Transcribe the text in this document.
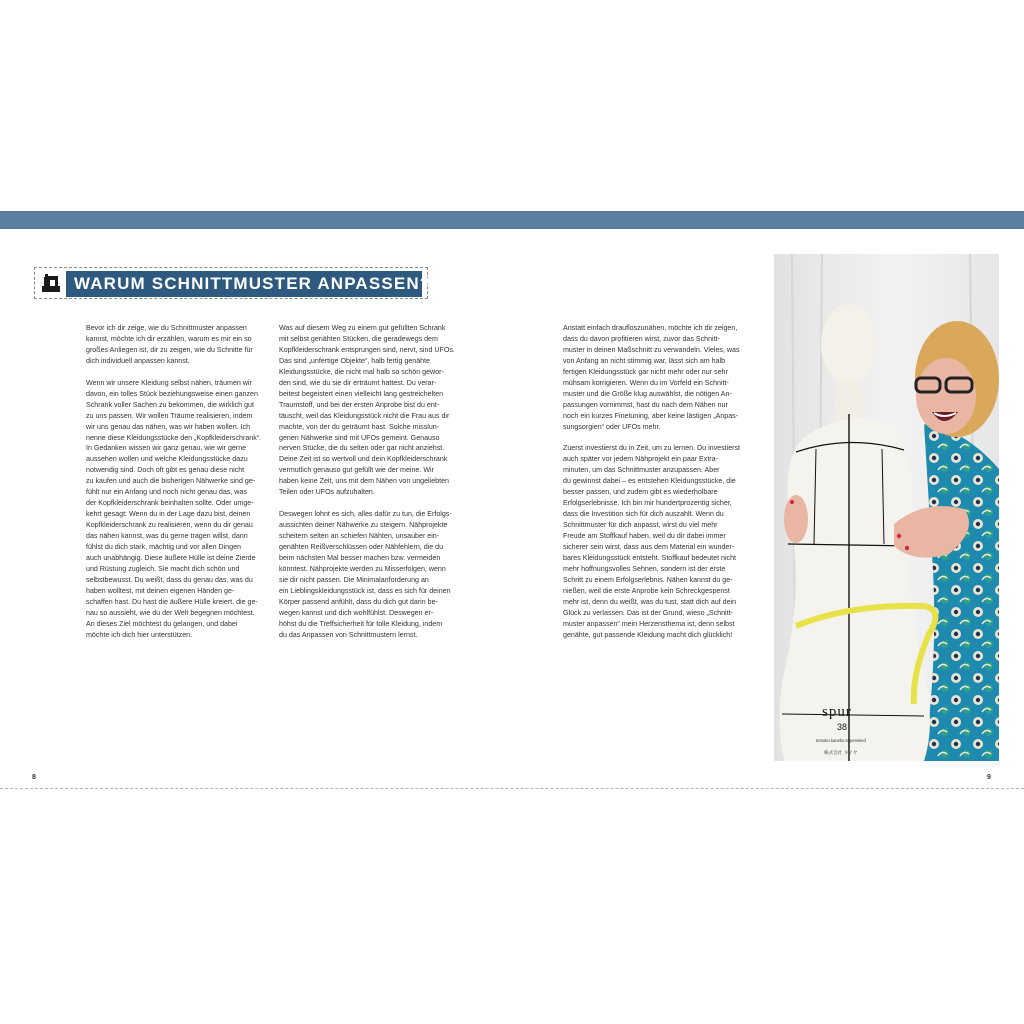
WARUM SCHNITTMUSTER ANPASSEN?

Bevor ich dir zeige, wie du Schnittmuster anpassen
kannst, möchte ich dir erzählen, warum es mir ein so
großes Anliegen ist, dir zu zeigen, wie du Schnitte für
dich individuell anpassen kannst.

Wenn wir unsere Kleidung selbst nähen, träumen wir
davon, ein tolles Stück beziehungsweise einen ganzen
Schrank voller Sachen zu bekommen, die wirklich gut
zu uns passen. Wir wollen Träume realisieren, indem
wir uns genau das nähen, was wir haben wollen. Ich
nenne diese Kleidungsstücke den „Kopfkleiderschrank“.
In Gedanken wissen wir ganz genau, wie wir gerne
aussehen wollen und welche Kleidungsstücke dazu
notwendig sind. Doch oft gibt es genau diese nicht
zu kaufen und auch die bisherigen Nähwerke sind ge-
fühlt nur ein Anfang und noch nicht genau das, was
der Kopfkleiderschrank beinhalten sollte. Oder umge-
kehrt gesagt: Wenn du in der Lage dazu bist, deinen
Kopfkleiderschrank zu realisieren, wenn du dir genau
das nähen kannst, was du gerne tragen willst, dann
fühlst du dich stark, mächtig und vor allen Dingen
auch unabhängig. Diese äußere Hülle ist deine Zierde
und Rüstung zugleich. Sie macht dich schön und
selbstbewusst. Du weißt, dass du genau das, was du
haben wolltest, mit deinen eigenen Händen ge-
schaffen hast. Du hast die äußere Hülle kreiert, die ge-
nau so aussieht, wie du der Welt begegnen möchtest.
An dieses Ziel möchtest du gelangen, und dabei
möchte ich dich hier unterstützen.

Was auf diesem Weg zu einem gut gefüllten Schrank
mit selbst genähten Stücken, die geradewegs dem
Kopfkleiderschrank entsprungen sind, nervt, sind UFOs.
Das sind „unfertige Objekte“, halb fertig genähte
Kleidungsstücke, die nicht mal halb so schön gewor-
den sind, wie du sie dir erträumt hattest. Du verar-
beitest begeistert einen vielleicht lang gestreichelten
Traumstoff, und bei der ersten Anprobe bist du ent-
täuscht, weil das Kleidungsstück nicht die Frau aus dir
machte, von der du geträumt hast. Solche misslun-
genen Nähwerke sind mit UFOs gemeint. Genauso
nerven Stücke, die du selten oder gar nicht anziehst.
Deine Zeit ist so wertvoll und dein Kopfkleiderschrank
vermutlich genauso gut gefüllt wie der meine. Wir
haben keine Zeit, uns mit dem Nähen von ungeliebten
Teilen oder UFOs aufzuhalten.

Deswegen lohnt es sich, alles dafür zu tun, die Erfolgs-
aussichten deiner Nähwerke zu steigern. Nähprojekte
scheitern selten an schiefen Nähten, unsauber ein-
genähten Reißverschlüssen oder Nähfehlern, die du
beim nächsten Mal besser machen bzw. vermeiden
könntest. Nähprojekte werden zu Misserfolgen, wenn
sie dir nicht passen. Die Minimalanforderung an
ein Lieblingskleidungsstück ist, dass es sich für deinen
Körper passend anfühlt, dass du dich gut darin be-
wegen kannst und dich wohlfühlst. Deswegen er-
höhst du die Treffsicherheit für tolle Kleidung, indem
du das Anpassen von Schnittmustern lernst.

Anstatt einfach draufloszunähen, möchte ich dir zeigen,
dass du davon profitieren wirst, zuvor das Schnitt-
muster in deinen Maßschnitt zu verwandeln. Vieles, was
von Anfang an nicht stimmig war, lässt sich am halb
fertigen Kleidungsstück gar nicht mehr oder nur sehr
mühsam korrigieren. Wenn du im Vorfeld ein Schnitt-
muster und die Größe klug auswählst, die nötigen An-
passungen vornimmst, hast du nach dem Nähen nur
noch ein kurzes Finetuning, aber keine lästigen „Anpas-
sungsorgien“ oder UFOs mehr.

Zuerst investierst du in Zeit, um zu lernen. Du investierst
auch später vor jedem Nähprojekt ein paar Extra-
minuten, um das Schnittmuster anzupassen. Aber
du gewinnst dabei – es entstehen Kleidungsstücke, die
besser passen, und zudem gibt es wiederholbare
Erfolgserlebnisse. Ich bin mir hundertprozentig sicher,
dass die Investition sich für dich auszahlt. Wenn du
Schnittmuster für dich anpasst, wirst du viel mehr
Freude am Stoffkauf haben, weil du dir dabei immer
sicherer sein wirst, dass aus dem Material ein wunder-
bares Kleidungsstück entsteht. Stoffkauf bedeutet nicht
mehr hoffnungsvolles Sehnen, sondern ist der erste
Schritt zu einem Erfolgserlebnis. Nähen kannst du ge-
nießen, weil die erste Anprobe kein Schreckgespenst
mehr ist, denn du weißt, was du tust, statt dich auf dein
Glück zu verlassen. Das ist der Grund, wieso „Schnitt-
muster anpassen“ mein Herzensthema ist, denn selbst
genähte, gut passende Kleidung macht dich glücklich!

spur
38
tomoko kaneko supervised
株式会社 キイヤ
8	9
